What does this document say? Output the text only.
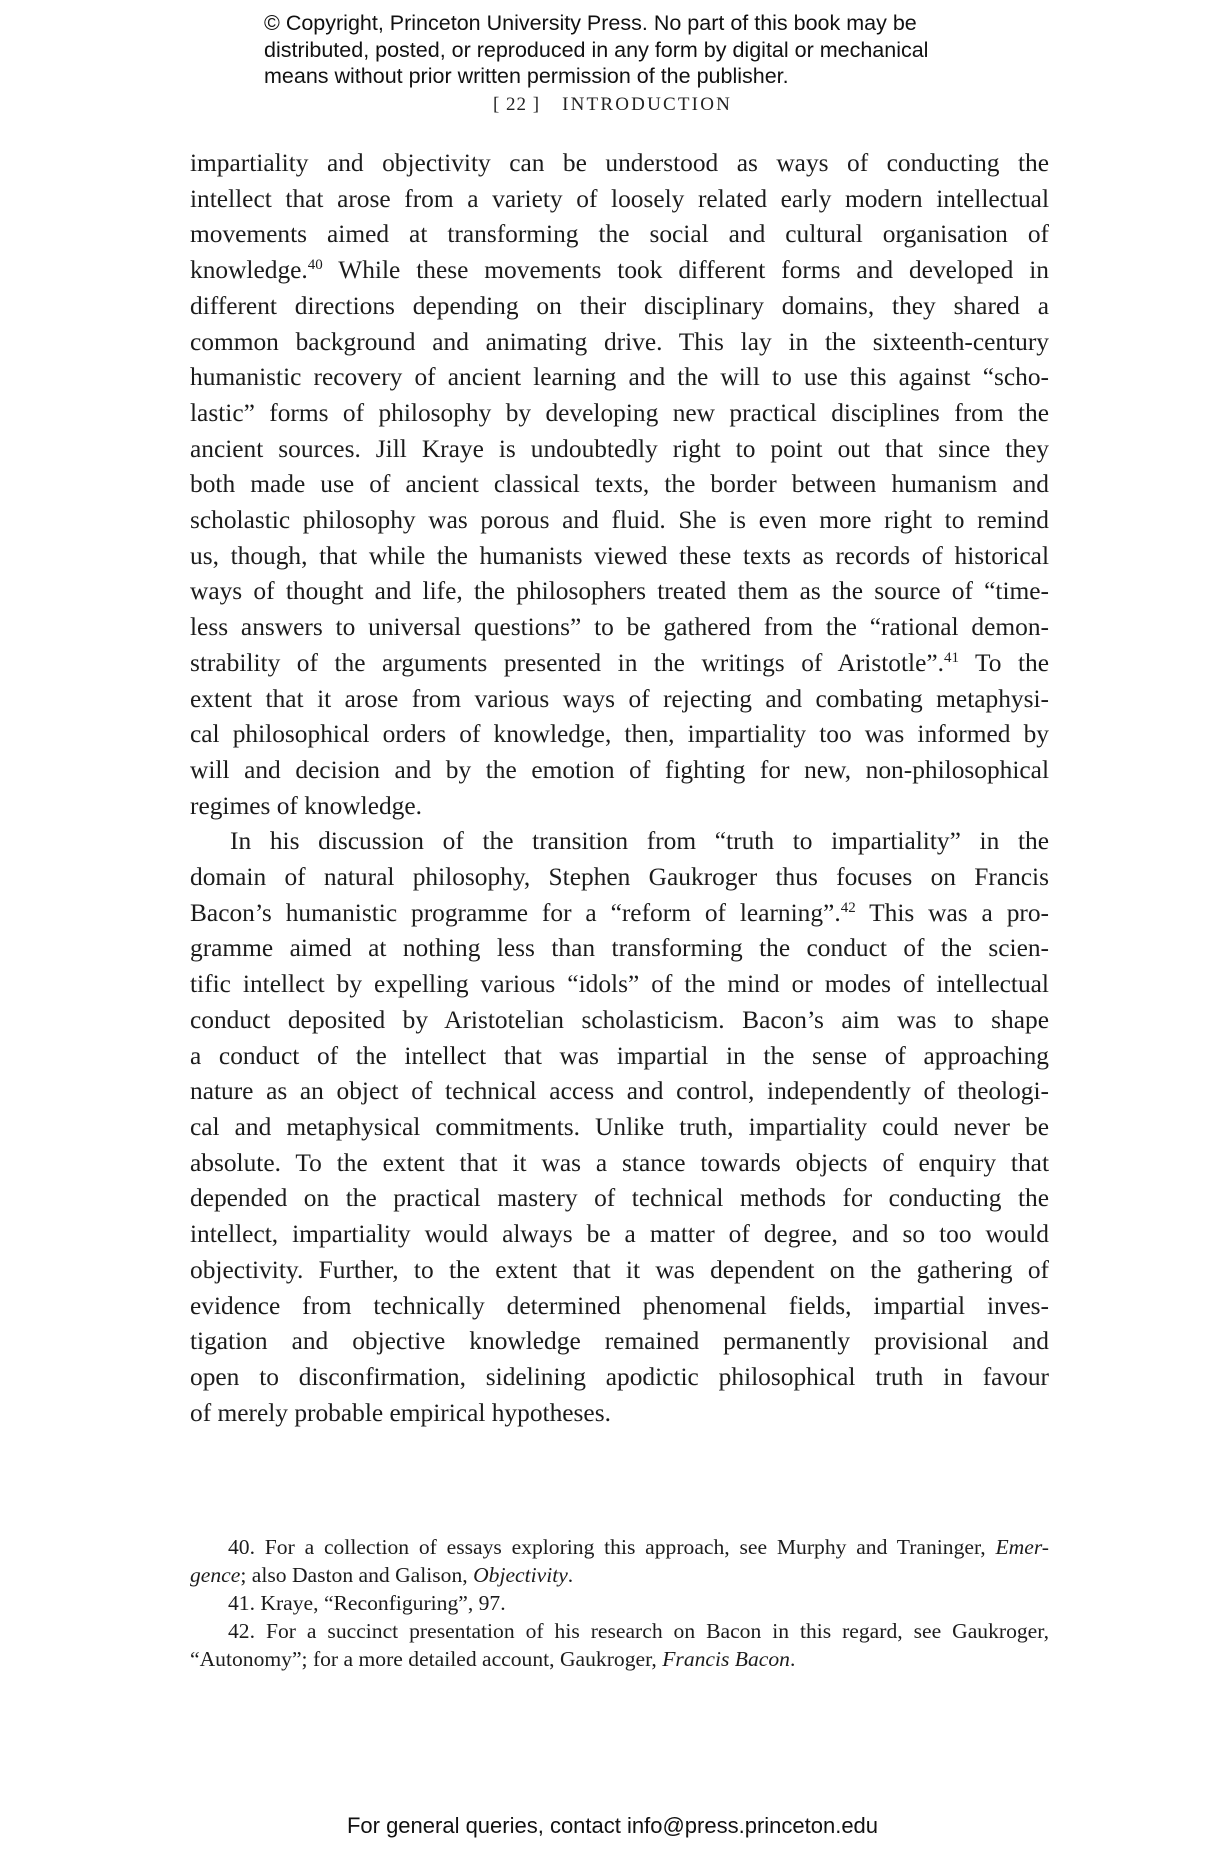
© Copyright, Princeton University Press. No part of this book may be

distributed, posted, or reproduced in any form by digital or mechanical

means without prior written permission of the publisher.

[ 22 ] INTRODUCTION

impartiality and objectivity can be understood as ways of conducting the
intellect that arose from a variety of loosely related early modern intellectual
movements aimed at transforming the social and cultural organisation of
knowledge.$^{40}$ While these movements took different forms and developed in
different directions depending on their disciplinary domains, they shared a
common background and animating drive. This lay in the sixteenth-century
humanistic recovery of ancient learning and the will to use this against “scho-
lastic” forms of philosophy by developing new practical disciplines from the
ancient sources. Jill Kraye is undoubtedly right to point out that since they
both made use of ancient classical texts, the border between humanism and
scholastic philosophy was porous and fluid. She is even more right to remind
us, though, that while the humanists viewed these texts as records of historical
ways of thought and life, the philosophers treated them as the source of “time-
less answers to universal questions” to be gathered from the “rational demon-
strability of the arguments presented in the writings of Aristotle”.$^{41}$ To the
extent that it arose from various ways of rejecting and combating metaphysi-
cal philosophical orders of knowledge, then, impartiality too was informed by
will and decision and by the emotion of fighting for new, non-philosophical
regimes of knowledge.

In his discussion of the transition from “truth to impartiality” in the
domain of natural philosophy, Stephen Gaukroger thus focuses on Francis
Bacon’s humanistic programme for a “reform of learning”.$^{42}$ This was a pro-
gramme aimed at nothing less than transforming the conduct of the scien-
tific intellect by expelling various “idols” of the mind or modes of intellectual
conduct deposited by Aristotelian scholasticism. Bacon’s aim was to shape
a conduct of the intellect that was impartial in the sense of approaching
nature as an object of technical access and control, independently of theologi-
cal and metaphysical commitments. Unlike truth, impartiality could never be
absolute. To the extent that it was a stance towards objects of enquiry that
depended on the practical mastery of technical methods for conducting the
intellect, impartiality would always be a matter of degree, and so too would
objectivity. Further, to the extent that it was dependent on the gathering of
evidence from technically determined phenomenal fields, impartial inves-
tigation and objective knowledge remained permanently provisional and
open to disconfirmation, sidelining apodictic philosophical truth in favour
of merely probable empirical hypotheses.

40. For a collection of essays exploring this approach, see Murphy and Traninger, Emer-
gence; also Daston and Galison, Objectivity.

41. Kraye, “Reconfiguring”, 97.

42. For a succinct presentation of his research on Bacon in this regard, see Gaukroger,
“Autonomy”; for a more detailed account, Gaukroger, Francis Bacon.

For general queries, contact info@press.princeton.edu
